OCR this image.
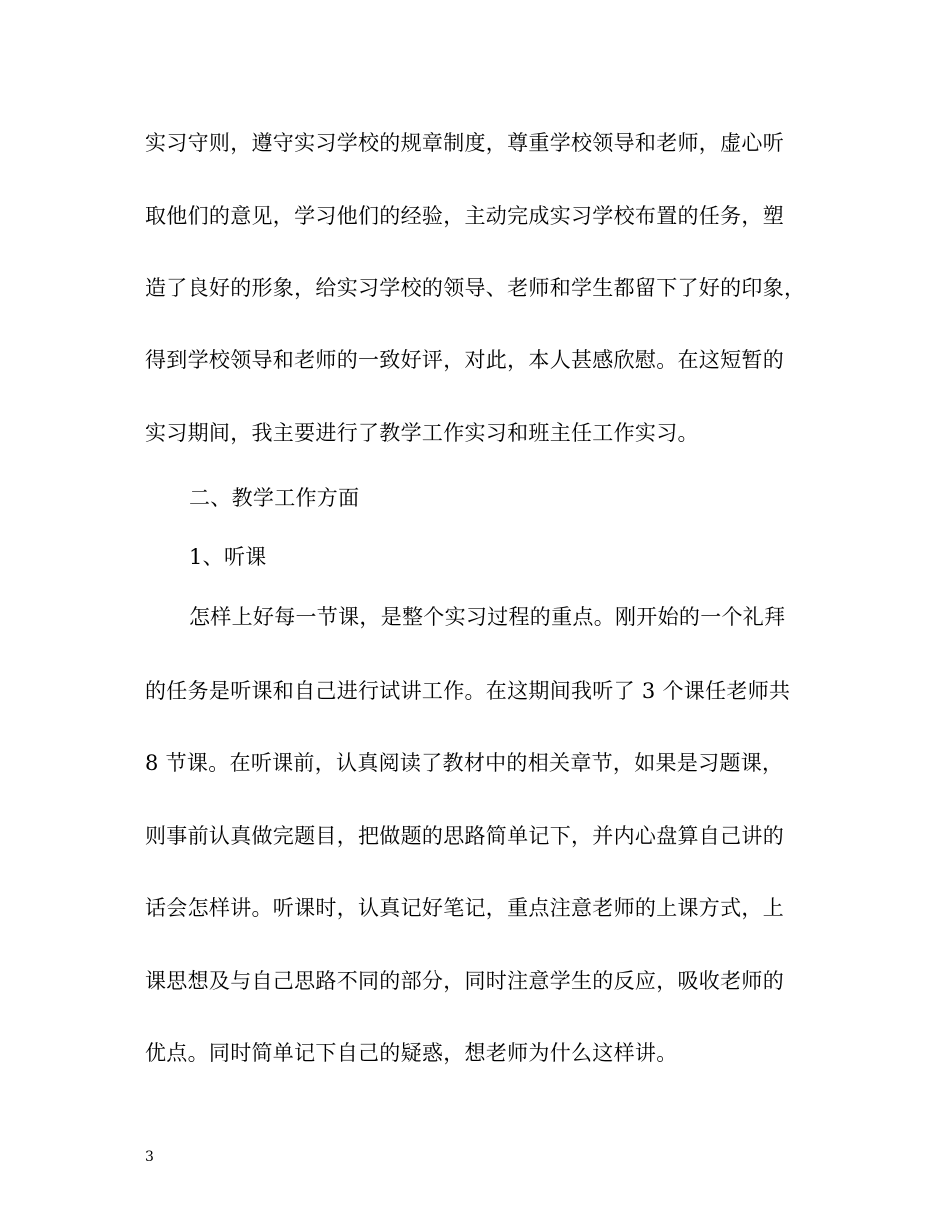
实习守则，遵守实习学校的规章制度，尊重学校领导和老师，虚心听
取他们的意见，学习他们的经验，主动完成实习学校布置的任务，塑
造了良好的形象，给实习学校的领导、老师和学生都留下了好的印象，
得到学校领导和老师的一致好评，对此，本人甚感欣慰。在这短暂的
实习期间，我主要进行了教学工作实习和班主任工作实习。
二、教学工作方面
1、听课
怎样上好每一节课，是整个实习过程的重点。刚开始的一个礼拜
的任务是听课和自己进行试讲工作。在这期间我听了 3 个课任老师共
8 节课。在听课前，认真阅读了教材中的相关章节，如果是习题课，
则事前认真做完题目，把做题的思路简单记下，并内心盘算自己讲的
话会怎样讲。听课时，认真记好笔记，重点注意老师的上课方式，上
课思想及与自己思路不同的部分，同时注意学生的反应，吸收老师的
优点。同时简单记下自己的疑惑，想老师为什么这样讲。
3
